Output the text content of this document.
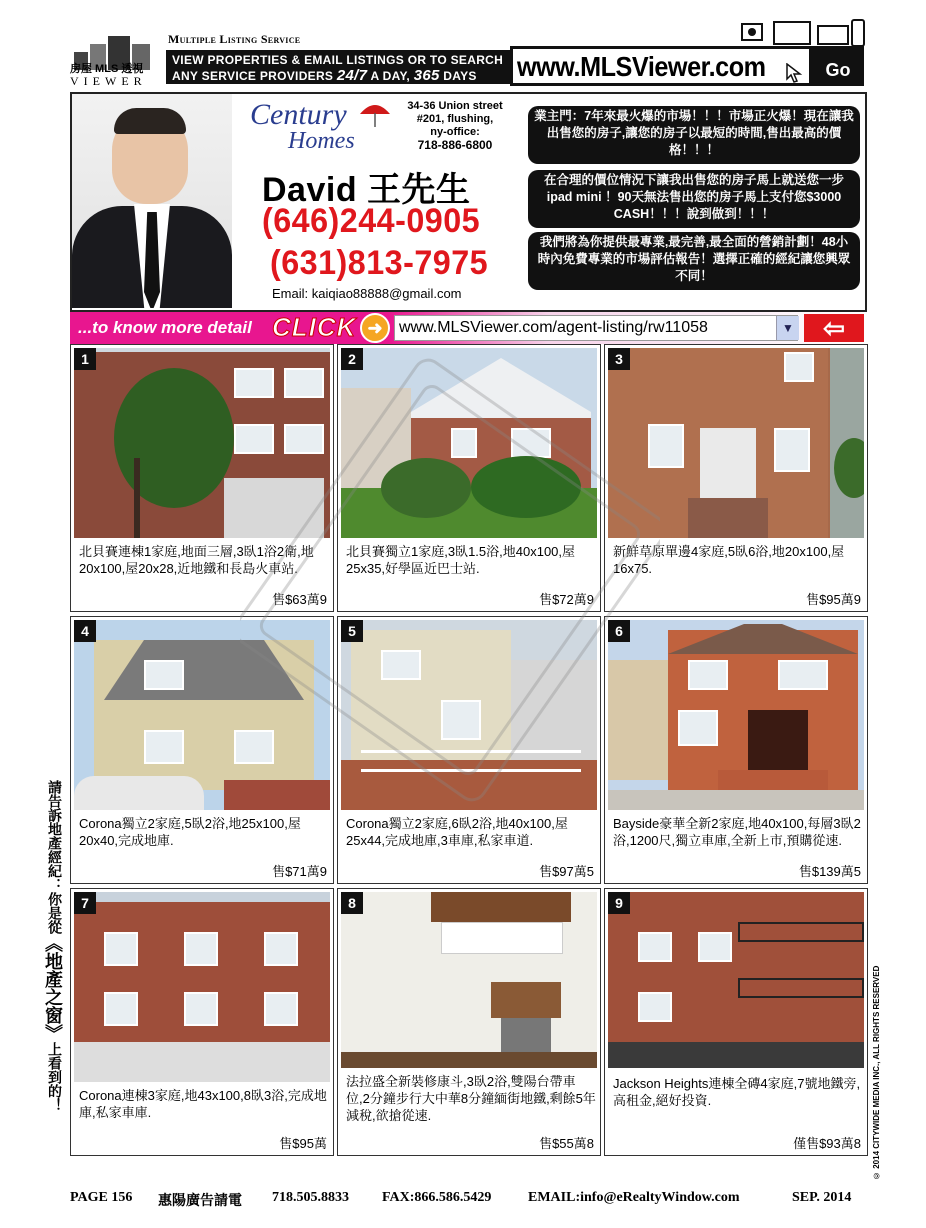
房屋 MLS 透視
VIEWER
Multiple Listing Service
VIEW PROPERTIES & EMAIL LISTINGS OR TO SEARCH
ANY SERVICE PROVIDERS 24/7 A DAY, 365 DAYS	www.MLSViewer.com	Go
Century
Homes
34-36 Union street
#201, flushing,
ny-office:
718-886-6800
David 王先生
(646)244-0905
(631)813-7975
Email: kaiqiao88888@gmail.com
業主門：7年來最火爆的市場！！！市場正火爆！現在讓我出售您的房子,讓您的房子以最短的時間,售出最高的價格！！！
在合理的價位情況下讓我出售您的房子馬上就送您一步ipad mini ！90天無法售出您的房子馬上支付您$3000 CASH！！！說到做到！！！
我們將為你提供最專業,最完善,最全面的營銷計劃！48小時內免費專業的市場評估報告！選擇正確的經紀讓您興眾不同！
...to know more detail CLICK ➜	www.MLSViewer.com/agent-listing/rw11058	▼	⇦
1
北貝賽連棟1家庭,地面三層,3臥1浴2衛,地20x100,屋20x28,近地鐵和長島火車站.
售$63萬9
2
北貝賽獨立1家庭,3臥1.5浴,地40x100,屋25x35,好學區近巴士站.
售$72萬9
3
新鮮草原單邊4家庭,5臥6浴,地20x100,屋16x75.
售$95萬9
4
Corona獨立2家庭,5臥2浴,地25x100,屋20x40,完成地庫.
售$71萬9
5
Corona獨立2家庭,6臥2浴,地40x100,屋25x44,完成地庫,3車庫,私家車道.
售$97萬5
6
Bayside豪華全新2家庭,地40x100,每層3臥2浴,1200尺,獨立車庫,全新上市,預購從速.
售$139萬5
7
Corona連棟3家庭,地43x100,8臥3浴,完成地庫,私家車庫.
售$95萬
8
法拉盛全新裝修康斗,3臥2浴,雙陽台帶車位,2分鐘步行大中華8分鐘緬街地鐵,剩餘5年減稅,欲搶從速.
售$55萬8
9
Jackson Heights連棟全磚4家庭,7號地鐵旁,高租金,絕好投資.
僅售$93萬8
請告訴地產經紀：你是從《地產之窗》上看到的！	© 2014 CITYWIDE MEDIA INC., ALL RIGHTS RESERVED
PAGE 156 惠陽廣告請電 718.505.8833 FAX:866.586.5429	EMAIL:info@eRealtyWindow.com	SEP. 2014
